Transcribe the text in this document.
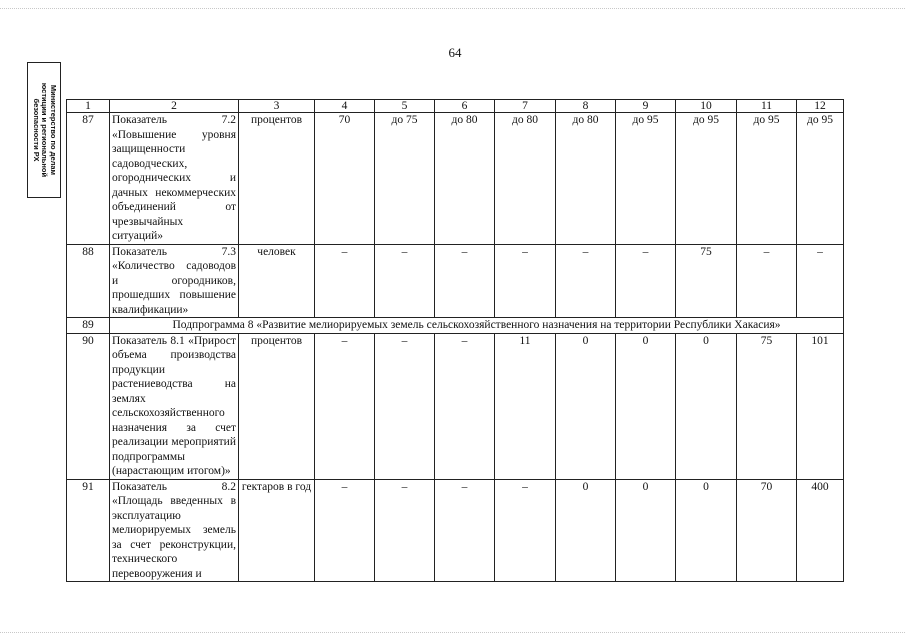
64
Министерство по делам
юстиции и региональной
безопасности РХ	1	2	3	4	5	6	7	8	9	10	11	12
87	Показатель 7.2 «Повышение уровня защищенности садоводческих, огороднических и дачных некоммерческих объединений от чрезвычайных ситуаций»	процентов	70	до 75	до 80	до 80	до 80	до 95	до 95	до 95	до 95
88	Показатель 7.3 «Количество садоводов и огородников, прошедших повышение квалификации»	человек	–	–	–	–	–	–	75	–	–
89	Подпрограмма 8 «Развитие мелиорируемых земель сельскохозяйственного назначения на территории Республики Хакасия»										
90	Показатель 8.1 «Прирост объема производства продукции растениеводства на землях сельскохозяйственного назначения за счет реализации мероприятий подпрограммы (нарастающим итогом)»	процентов	–	–	–	11	0	0	0	75	101
91	Показатель 8.2 «Площадь введенных в эксплуатацию мелиорируемых земель за счет реконструкции, технического перевооружения и	гектаров в год	–	–	–	–	0	0	0	70	400
